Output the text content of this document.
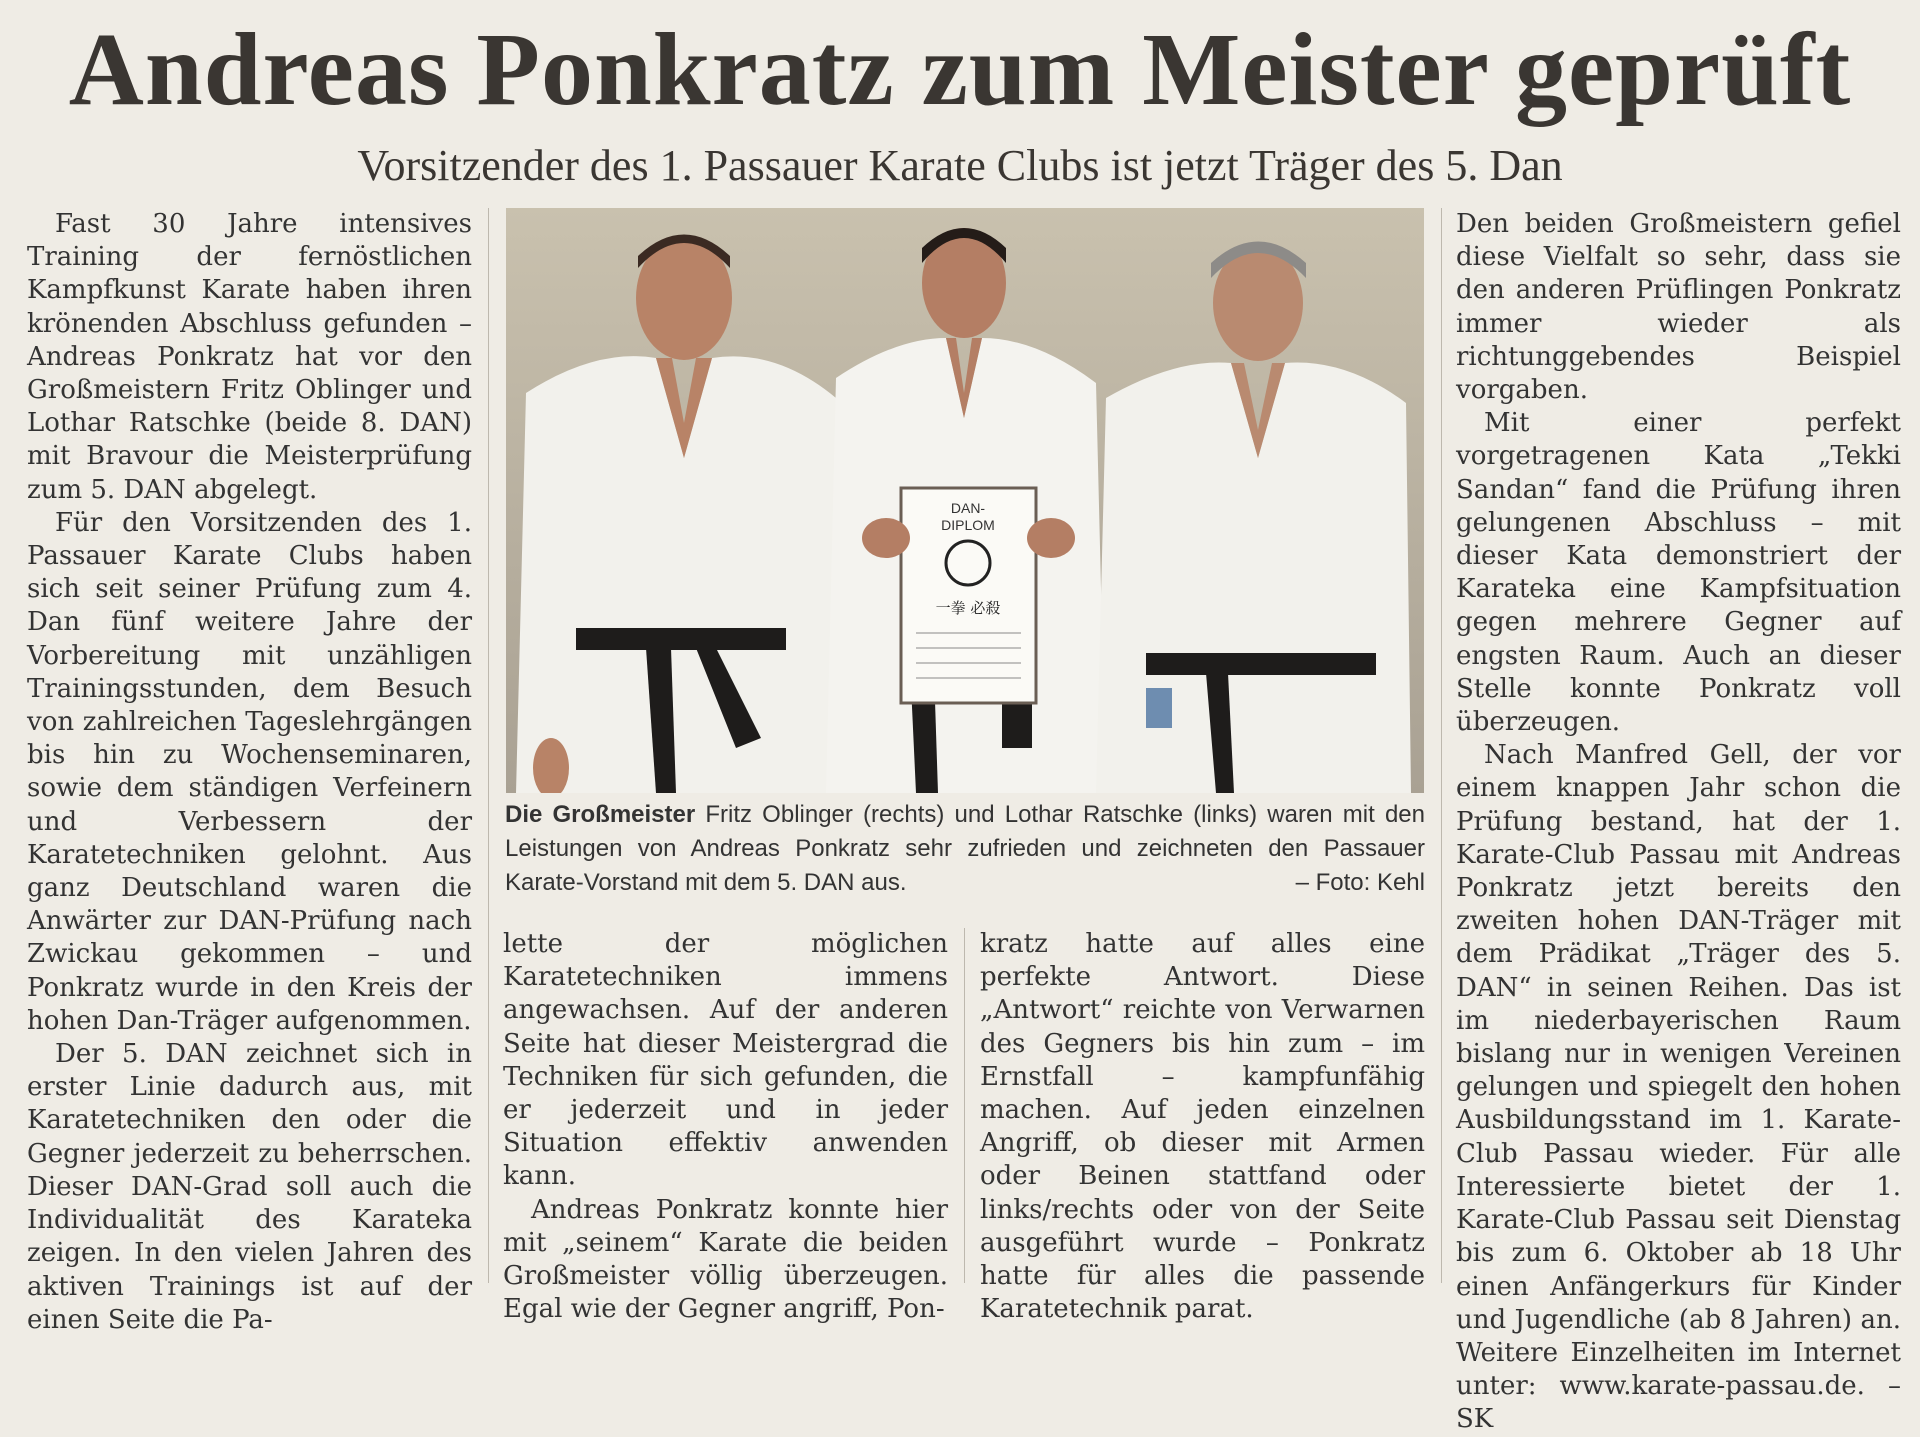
Andreas Ponkratz zum Meister geprüft
Vorsitzender des 1. Passauer Karate Clubs ist jetzt Träger des 5. Dan

Fast 30 Jahre intensives Training der fernöstlichen Kampfkunst Karate haben ihren krönenden Abschluss gefunden – Andreas Ponkratz hat vor den Großmeistern Fritz Oblinger und Lothar Ratschke (beide 8. DAN) mit Bravour die Meisterprüfung zum 5. DAN abgelegt.

Für den Vorsitzenden des 1. Passauer Karate Clubs haben sich seit seiner Prüfung zum 4. Dan fünf weitere Jahre der Vorbereitung mit unzähligen Trainingsstunden, dem Besuch von zahlreichen Tageslehrgängen bis hin zu Wochenseminaren, sowie dem ständigen Verfeinern und Verbessern der Karatetechniken gelohnt. Aus ganz Deutschland waren die Anwärter zur DAN-Prüfung nach Zwickau gekommen – und Ponkratz wurde in den Kreis der hohen Dan-Träger aufgenommen.

Der 5. DAN zeichnet sich in erster Linie dadurch aus, mit Karatetechniken den oder die Gegner jederzeit zu beherrschen. Dieser DAN-Grad soll auch die Individualität des Karateka zeigen. In den vielen Jahren des aktiven Trainings ist auf der einen Seite die Pa-

DAN-
DIPLOM
一拳 必殺
Die Großmeister Fritz Oblinger (rechts) und Lothar Ratschke (links) waren mit den Leistungen von Andreas Ponkratz sehr zufrieden und zeichneten den Passauer Karate-Vorstand mit dem 5. DAN aus.	– Foto: Kehl

lette der möglichen Karatetechniken immens angewachsen. Auf der anderen Seite hat dieser Meistergrad die Techniken für sich gefunden, die er jederzeit und in jeder Situation effektiv anwenden kann.

Andreas Ponkratz konnte hier mit „seinem“ Karate die beiden Großmeister völlig überzeugen. Egal wie der Gegner angriff, Pon-

kratz hatte auf alles eine perfekte Antwort. Diese „Antwort“ reichte von Verwarnen des Gegners bis hin zum – im Ernstfall – kampfunfähig machen. Auf jeden einzelnen Angriff, ob dieser mit Armen oder Beinen stattfand oder links/rechts oder von der Seite ausgeführt wurde – Ponkratz hatte für alles die passende Karatetechnik parat.

Den beiden Großmeistern gefiel diese Vielfalt so sehr, dass sie den anderen Prüflingen Ponkratz immer wieder als richtunggebendes Beispiel vorgaben.

Mit einer perfekt vorgetragenen Kata „Tekki Sandan“ fand die Prüfung ihren gelungenen Abschluss – mit dieser Kata demonstriert der Karateka eine Kampfsituation gegen mehrere Gegner auf engsten Raum. Auch an dieser Stelle konnte Ponkratz voll überzeugen.

Nach Manfred Gell, der vor einem knappen Jahr schon die Prüfung bestand, hat der 1. Karate-Club Passau mit Andreas Ponkratz jetzt bereits den zweiten hohen DAN-Träger mit dem Prädikat „Träger des 5. DAN“ in seinen Reihen. Das ist im niederbayerischen Raum bislang nur in wenigen Vereinen gelungen und spiegelt den hohen Ausbildungsstand im 1. Karate-Club Passau wieder. Für alle Interessierte bietet der 1. Karate-Club Passau seit Dienstag bis zum 6. Oktober ab 18 Uhr einen Anfängerkurs für Kinder und Jugendliche (ab 8 Jahren) an. Weitere Einzelheiten im Internet unter: www.karate-passau.de. – SK
